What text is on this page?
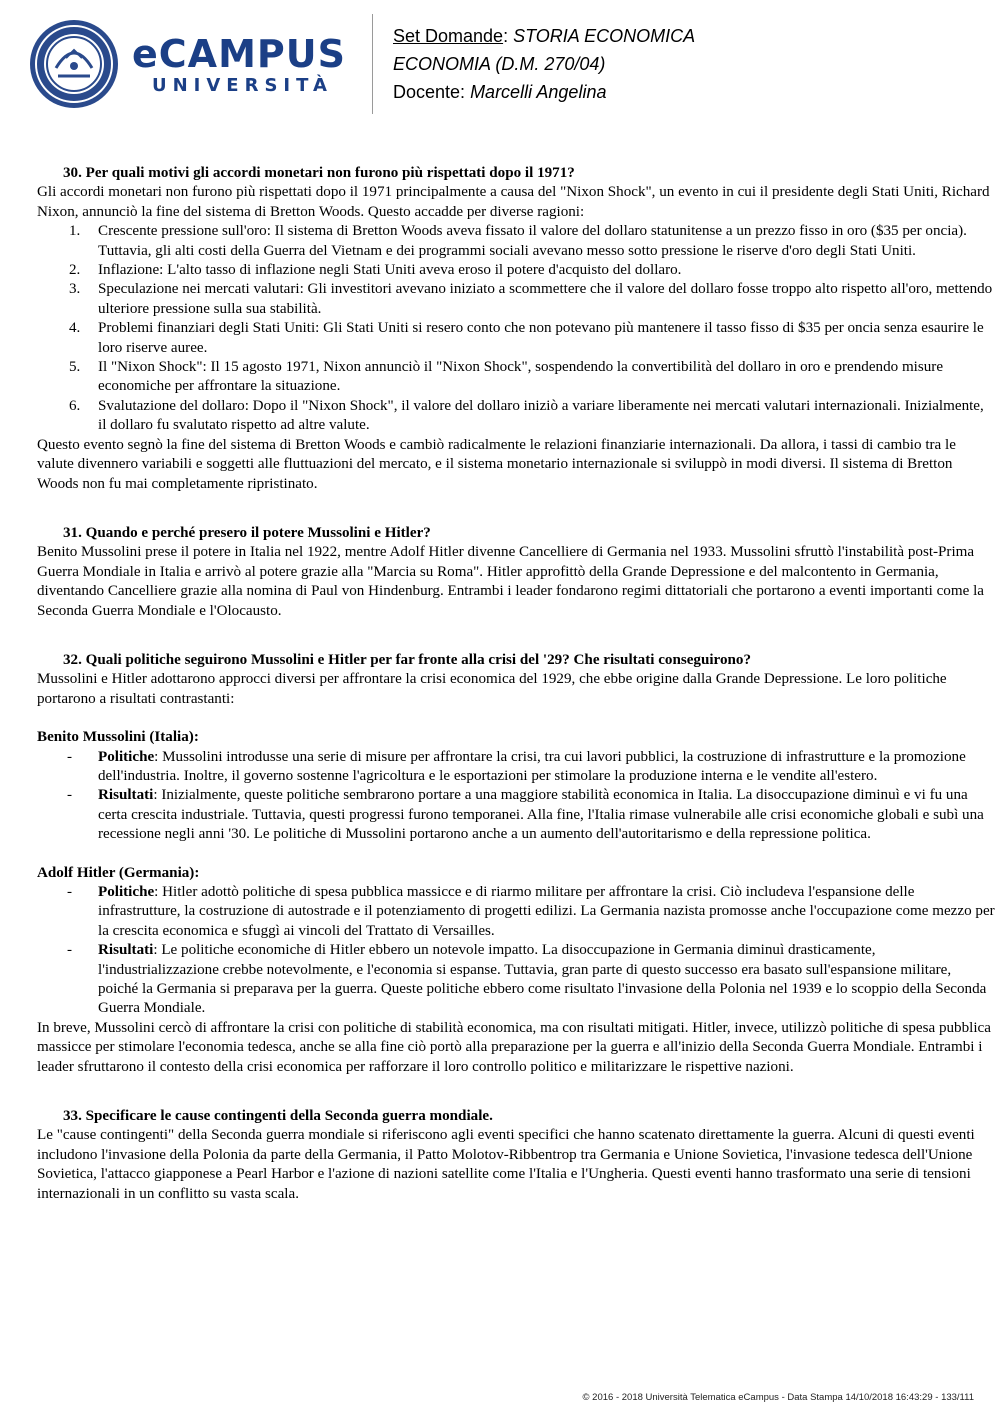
eCAMPUS
UNIVERSITÀ
Set Domande: STORIA ECONOMICA
ECONOMIA (D.M. 270/04)
Docente: Marcelli Angelina
30. Per quali motivi gli accordi monetari non furono più rispettati dopo il 1971?

Gli accordi monetari non furono più rispettati dopo il 1971 principalmente a causa del "Nixon Shock", un evento in cui il presidente degli Stati Uniti, Richard Nixon, annunciò la fine del sistema di Bretton Woods. Questo accadde per diverse ragioni:

1. Crescente pressione sull'oro: Il sistema di Bretton Woods aveva fissato il valore del dollaro statunitense a un prezzo fisso in oro ($35 per oncia). Tuttavia, gli alti costi della Guerra del Vietnam e dei programmi sociali avevano messo sotto pressione le riserve d'oro degli Stati Uniti.
2. Inflazione: L'alto tasso di inflazione negli Stati Uniti aveva eroso il potere d'acquisto del dollaro.
3. Speculazione nei mercati valutari: Gli investitori avevano iniziato a scommettere che il valore del dollaro fosse troppo alto rispetto all'oro, mettendo ulteriore pressione sulla sua stabilità.
4. Problemi finanziari degli Stati Uniti: Gli Stati Uniti si resero conto che non potevano più mantenere il tasso fisso di $35 per oncia senza esaurire le loro riserve auree.
5. Il "Nixon Shock": Il 15 agosto 1971, Nixon annunciò il "Nixon Shock", sospendendo la convertibilità del dollaro in oro e prendendo misure economiche per affrontare la situazione.
6. Svalutazione del dollaro: Dopo il "Nixon Shock", il valore del dollaro iniziò a variare liberamente nei mercati valutari internazionali. Inizialmente, il dollaro fu svalutato rispetto ad altre valute.

Questo evento segnò la fine del sistema di Bretton Woods e cambiò radicalmente le relazioni finanziarie internazionali. Da allora, i tassi di cambio tra le valute divennero variabili e soggetti alle fluttuazioni del mercato, e il sistema monetario internazionale si sviluppò in modi diversi. Il sistema di Bretton Woods non fu mai completamente ripristinato.

31. Quando e perché presero il potere Mussolini e Hitler?

Benito Mussolini prese il potere in Italia nel 1922, mentre Adolf Hitler divenne Cancelliere di Germania nel 1933. Mussolini sfruttò l'instabilità post-Prima Guerra Mondiale in Italia e arrivò al potere grazie alla "Marcia su Roma". Hitler approfittò della Grande Depressione e del malcontento in Germania, diventando Cancelliere grazie alla nomina di Paul von Hindenburg. Entrambi i leader fondarono regimi dittatoriali che portarono a eventi importanti come la Seconda Guerra Mondiale e l'Olocausto.

32. Quali politiche seguirono Mussolini e Hitler per far fronte alla crisi del '29? Che risultati conseguirono?

Mussolini e Hitler adottarono approcci diversi per affrontare la crisi economica del 1929, che ebbe origine dalla Grande Depressione. Le loro politiche portarono a risultati contrastanti:

Benito Mussolini (Italia):
- Politiche: Mussolini introdusse una serie di misure per affrontare la crisi, tra cui lavori pubblici, la costruzione di infrastrutture e la promozione dell'industria. Inoltre, il governo sostenne l'agricoltura e le esportazioni per stimolare la produzione interna e le vendite all'estero.
- Risultati: Inizialmente, queste politiche sembrarono portare a una maggiore stabilità economica in Italia. La disoccupazione diminuì e vi fu una certa crescita industriale. Tuttavia, questi progressi furono temporanei. Alla fine, l'Italia rimase vulnerabile alle crisi economiche globali e subì una recessione negli anni '30. Le politiche di Mussolini portarono anche a un aumento dell'autoritarismo e della repressione politica.
Adolf Hitler (Germania):
- Politiche: Hitler adottò politiche di spesa pubblica massicce e di riarmo militare per affrontare la crisi. Ciò includeva l'espansione delle infrastrutture, la costruzione di autostrade e il potenziamento di progetti edilizi. La Germania nazista promosse anche l'occupazione come mezzo per la crescita economica e sfuggì ai vincoli del Trattato di Versailles.
- Risultati: Le politiche economiche di Hitler ebbero un notevole impatto. La disoccupazione in Germania diminuì drasticamente, l'industrializzazione crebbe notevolmente, e l'economia si espanse. Tuttavia, gran parte di questo successo era basato sull'espansione militare, poiché la Germania si preparava per la guerra. Queste politiche ebbero come risultato l'invasione della Polonia nel 1939 e lo scoppio della Seconda Guerra Mondiale.

In breve, Mussolini cercò di affrontare la crisi con politiche di stabilità economica, ma con risultati mitigati. Hitler, invece, utilizzò politiche di spesa pubblica massicce per stimolare l'economia tedesca, anche se alla fine ciò portò alla preparazione per la guerra e all'inizio della Seconda Guerra Mondiale. Entrambi i leader sfruttarono il contesto della crisi economica per rafforzare il loro controllo politico e militarizzare le rispettive nazioni.

33. Specificare le cause contingenti della Seconda guerra mondiale.

Le "cause contingenti" della Seconda guerra mondiale si riferiscono agli eventi specifici che hanno scatenato direttamente la guerra. Alcuni di questi eventi includono l'invasione della Polonia da parte della Germania, il Patto Molotov-Ribbentrop tra Germania e Unione Sovietica, l'invasione tedesca dell'Unione Sovietica, l'attacco giapponese a Pearl Harbor e l'azione di nazioni satellite come l'Italia e l'Ungheria. Questi eventi hanno trasformato una serie di tensioni internazionali in un conflitto su vasta scala.

© 2016 - 2018 Università Telematica eCampus - Data Stampa 14/10/2018 16:43:29 - 133/111
